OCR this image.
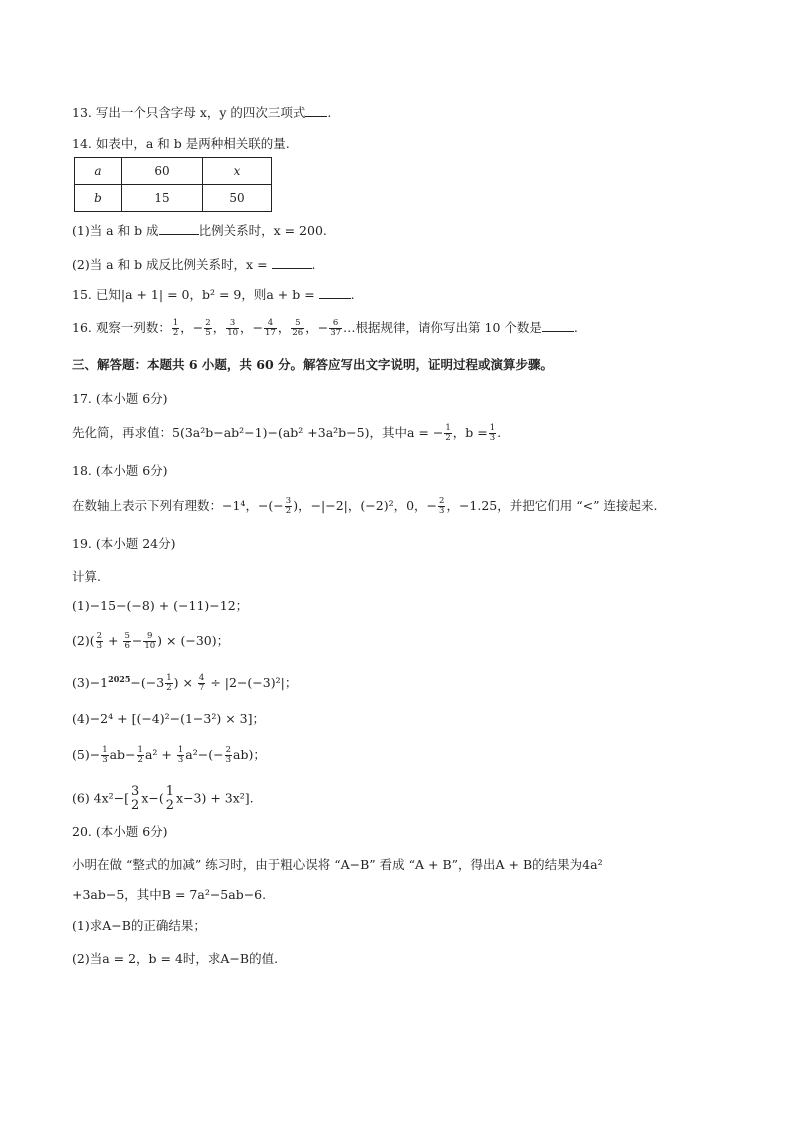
13. 写出一个只含字母 x，y 的四次三项式 .
14. 如表中，a 和 b 是两种相关联的量.
a	60	x
b	15	50
(1)当 a 和 b 成	比例关系时，x = 200.
(2)当 a 和 b 成反比例关系时，x =	.
15. 已知|a + 1| = 0，b² = 9，则a + b =	.
16. 观察一列数： $\frac{1}{2}$ ，− $\frac{2}{5}$ ， $\frac{3}{10}$ ，− $\frac{4}{17}$ ， $\frac{5}{26}$ ，− $\frac{6}{37}$ …根据规律，请你写出第 10 个数是	.
三、解答题：本题共 6 小题，共 60 分。解答应写出文字说明，证明过程或演算步骤。
17. (本小题 6分)
先化简，再求值：5(3a²b−ab²−1)−(ab² +3a²b−5)，其中a = − $\frac{1}{2}$ ，$b = \frac{1}{3}$ .
18. (本小题 6分)
在数轴上表示下列有理数：−1⁴，−(− $\frac{3}{2}$ )，−|−2|，(−2)²，0，− $\frac{2}{3}$ ，−1.25，并把它们用 “<” 连接起来.
19. (本小题 24分)
计算.
(1)−15−(−8) + (−11)−12；
$(2)( \frac{2}{3} + \frac{5}{6} - \frac{9}{10}$ ) × (−30)；
$(3)-1^{2025}-(-3 \frac{1}{2}$ ) × $\frac{4}{7} \div |2-(-3)^2|$；
(4)−2⁴ + [(−4)²−(1−3²) × 3]；
$(5)- \frac{1}{3} ab- \frac{1}{2} a^2 + \frac{1}{3} a^2-(- \frac{2}{3} ab)$；
(6) 4x²−[ 3
2 x−( 1
2 x−3) + 3x²].
20. (本小题 6分)
小明在做 “整式的加减” 练习时，由于粗心误将 “A−B” 看成 “A + B”，得出A + B的结果为4a²
+3ab−5，其中B = 7a²−5ab−6.
(1)求A−B的正确结果；
(2)当a = 2，b = 4时，求A−B的值.
